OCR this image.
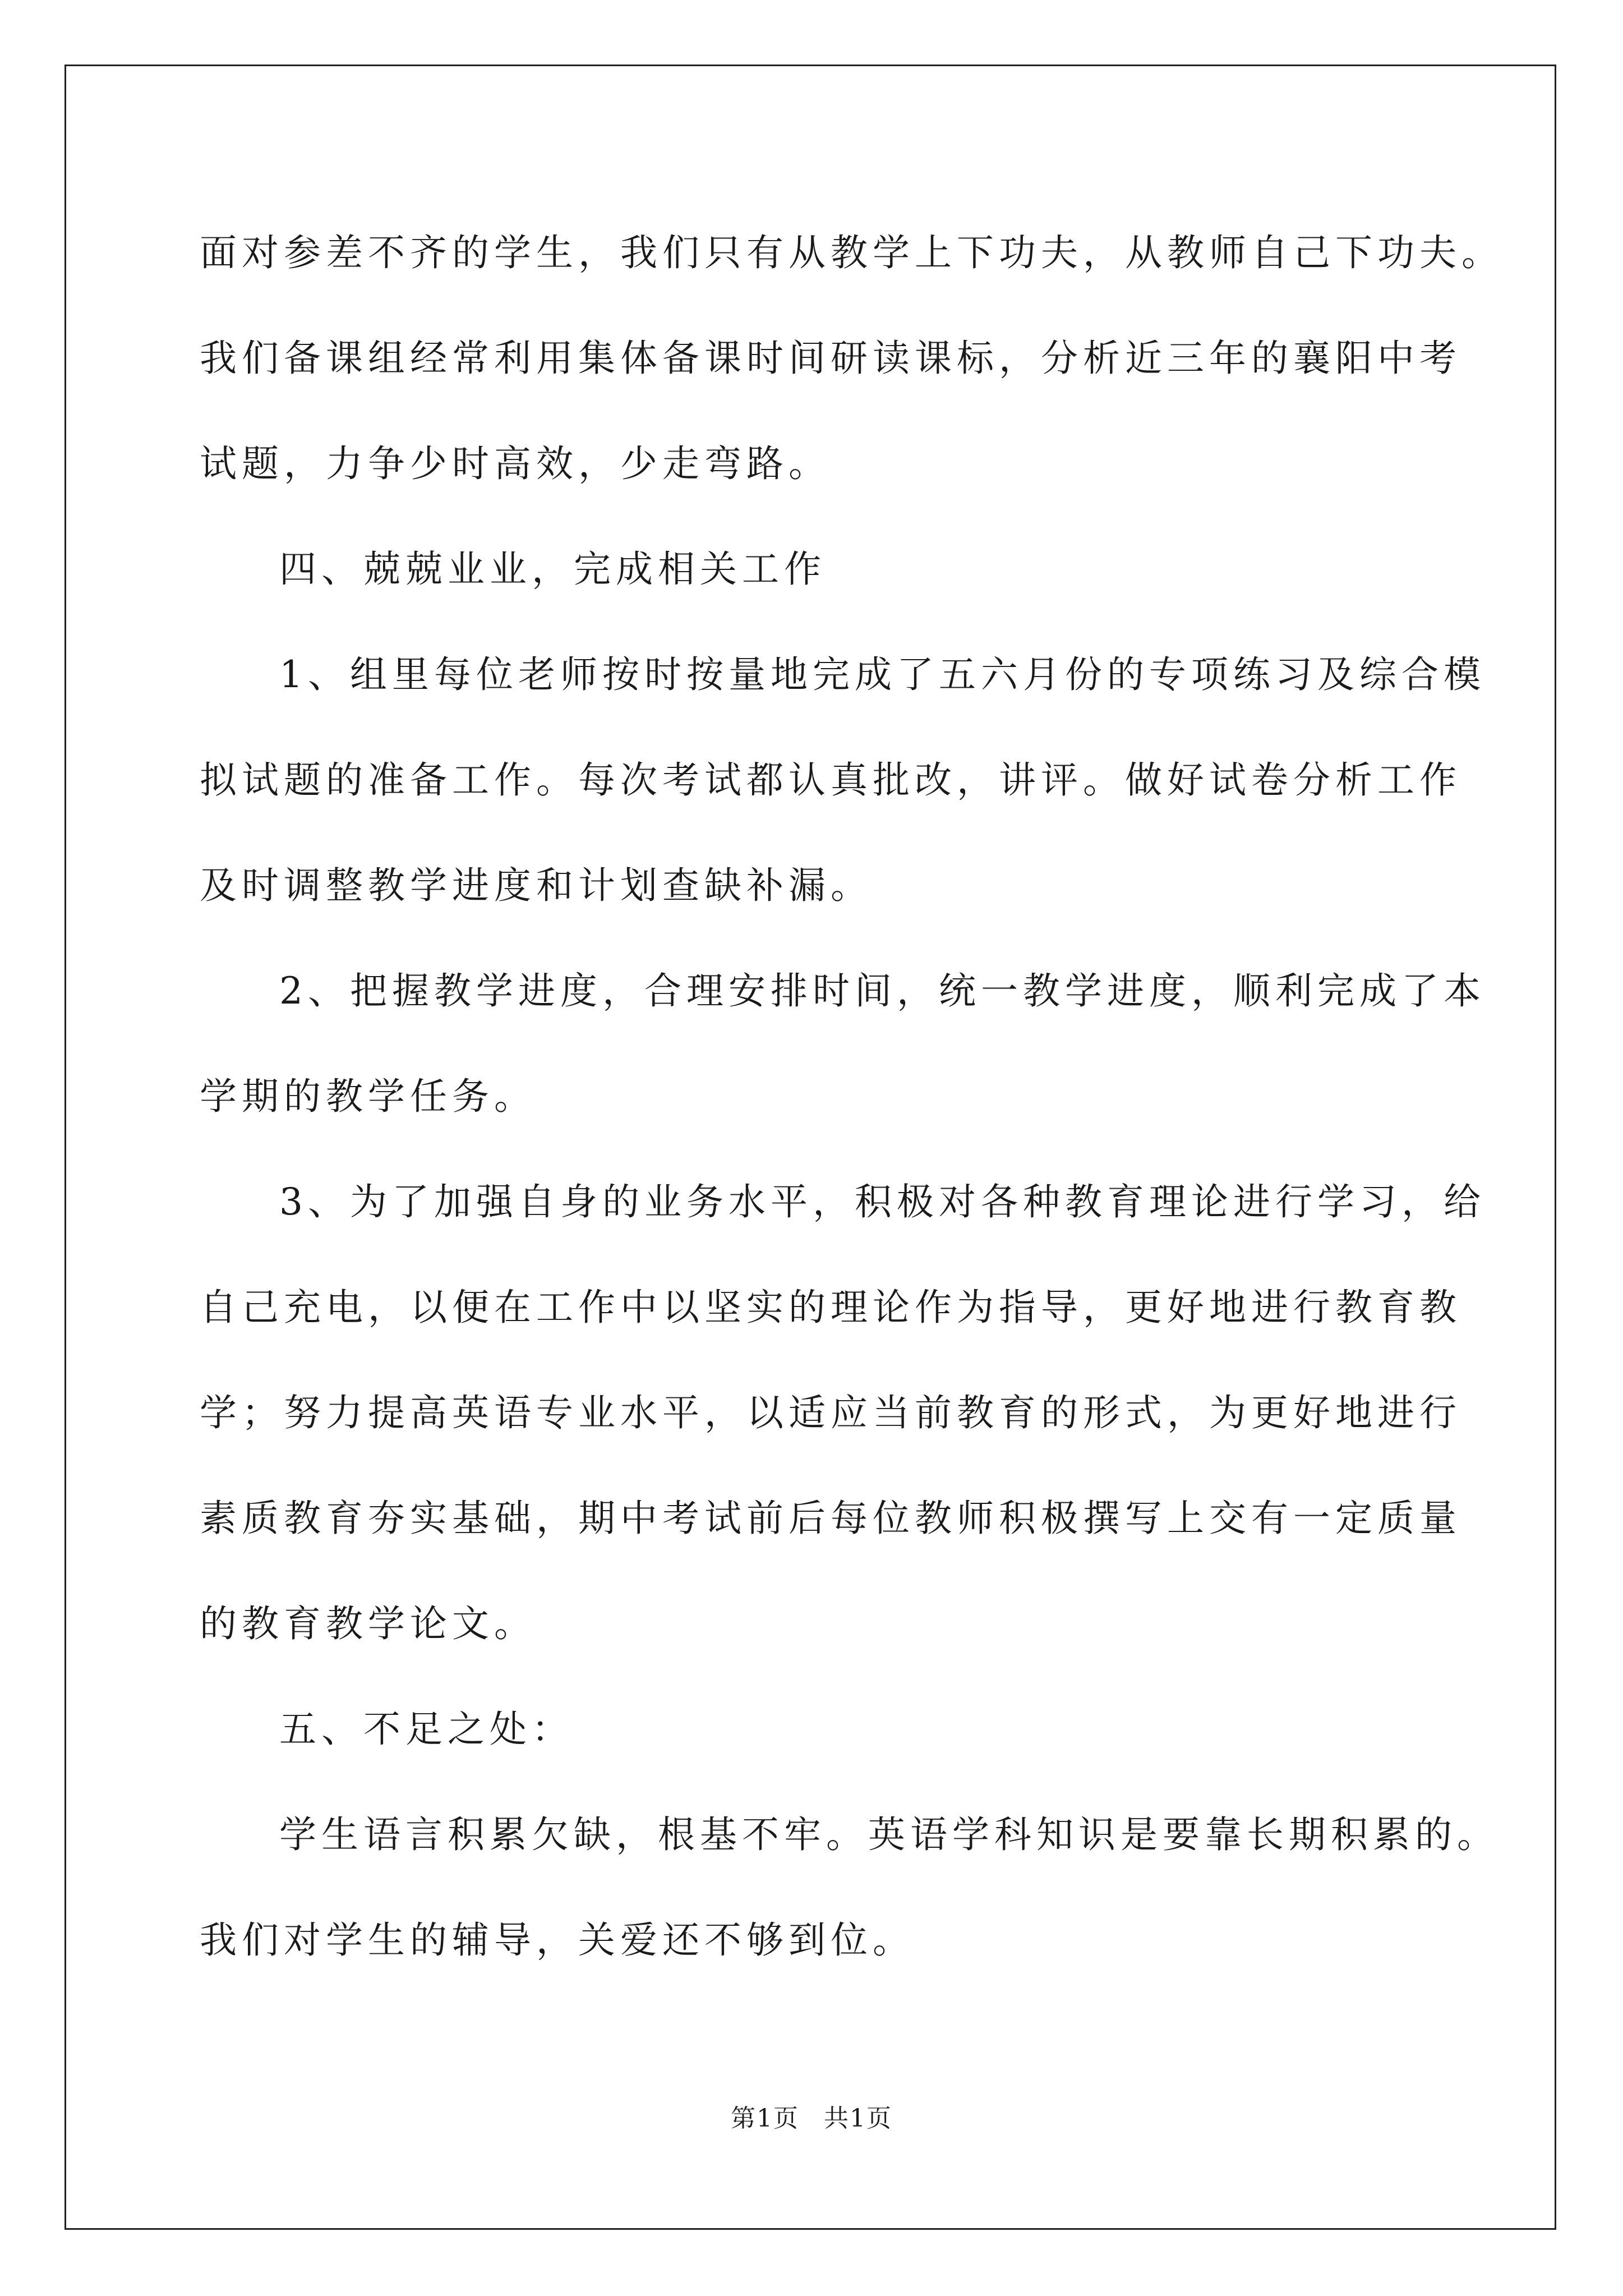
面对参差不齐的学生，我们只有从教学上下功夫，从教师自己下功夫。
我们备课组经常利用集体备课时间研读课标，分析近三年的襄阳中考
试题，力争少时高效，少走弯路。
四、兢兢业业，完成相关工作
1、组里每位老师按时按量地完成了五六月份的专项练习及综合模
拟试题的准备工作。每次考试都认真批改，讲评。做好试卷分析工作
及时调整教学进度和计划查缺补漏。
2、把握教学进度，合理安排时间，统一教学进度，顺利完成了本
学期的教学任务。
3、为了加强自身的业务水平，积极对各种教育理论进行学习，给
自己充电，以便在工作中以坚实的理论作为指导，更好地进行教育教
学；努力提高英语专业水平，以适应当前教育的形式，为更好地进行
素质教育夯实基础，期中考试前后每位教师积极撰写上交有一定质量
的教育教学论文。
五、不足之处：
学生语言积累欠缺，根基不牢。英语学科知识是要靠长期积累的。
我们对学生的辅导，关爱还不够到位。
第1页 共1页
